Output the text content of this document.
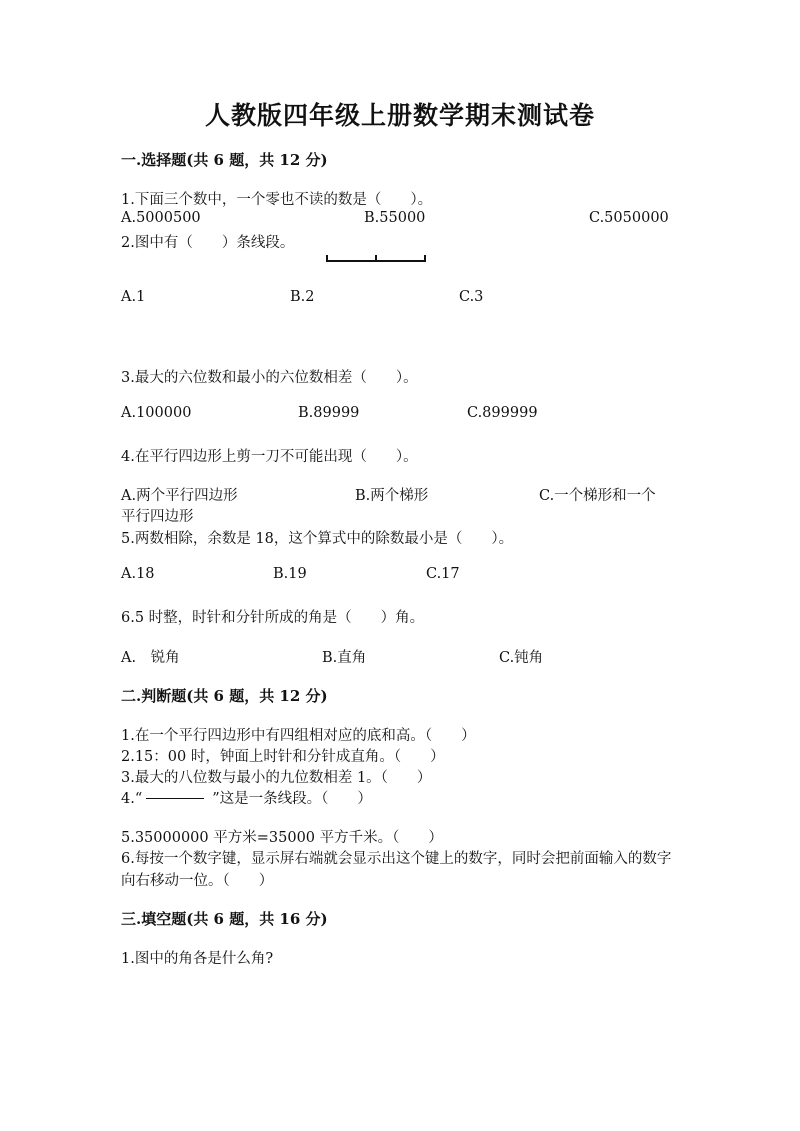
人教版四年级上册数学期末测试卷
一.选择题(共 6 题，共 12 分)
1.下面三个数中，一个零也不读的数是（　　）。
A.5000500	B.55000	C.5050000
2.图中有（　　）条线段。
A.1	B.2	C.3
3.最大的六位数和最小的六位数相差（　　）。
A.100000	B.89999	C.899999
4.在平行四边形上剪一刀不可能出现（　　）。
A.两个平行四边形	B.两个梯形	C.一个梯形和一个
平行四边形
5.两数相除，余数是 18，这个算式中的除数最小是（　　）。
A.18	B.19	C.17
6.5 时整，时针和分针所成的角是（　　）角。
A.　锐角	B.直角	C.钝角
二.判断题(共 6 题，共 12 分)
1.在一个平行四边形中有四组相对应的底和高。（　　）
2.15：00 时，钟面上时针和分针成直角。（　　）
3.最大的八位数与最小的九位数相差 1。（　　）
4.“	”这是一条线段。（　　）
5.35000000 平方米=35000 平方千米。（　　）
6.每按一个数字键，显示屏右端就会显示出这个键上的数字，同时会把前面输入的数字向右移动一位。（　　）
三.填空题(共 6 题，共 16 分)
1.图中的角各是什么角?
